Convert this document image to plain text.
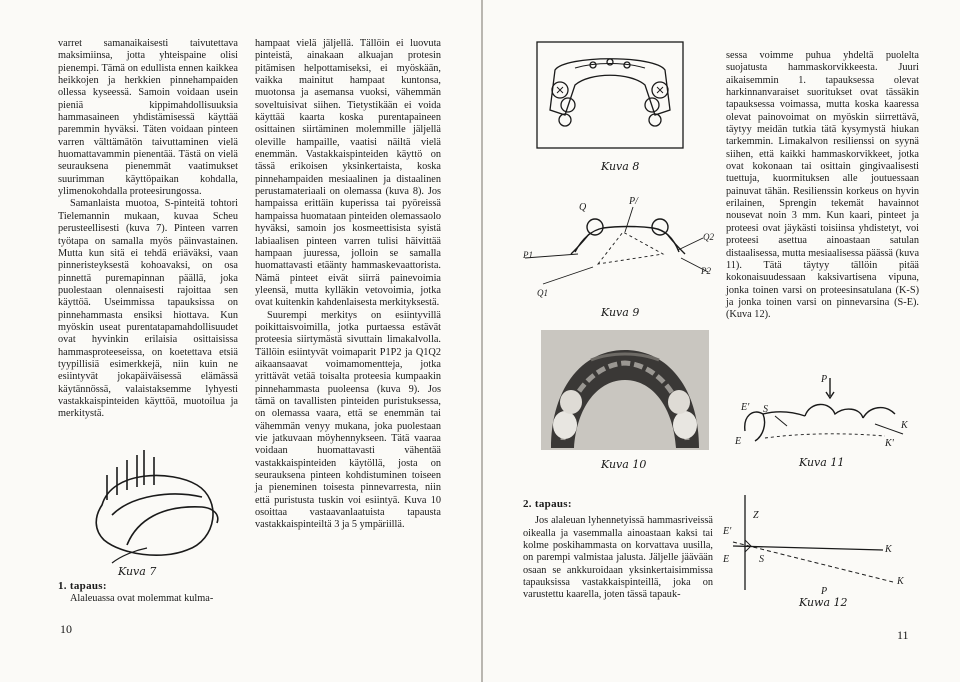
varret samanaikaisesti taivutettava maksimiinsa, jotta yhteispaine olisi pienempi. Tämä on edullista ennen kaikkea heikkojen ja herkkien pinnehampaiden ollessa kyseessä. Samoin voidaan usein pieniä kippimahdollisuuksia hammasaineen yhdistämisessä käyttää paremmin hyväksi. Täten voidaan pinteen varren välttämätön taivuttaminen vielä huomattavammin pienentää. Tästä on vielä seurauksena pienemmät vaatimukset suurimman käyttöpaikan kohdalla, ylimenokohdalla proteesirungossa.

Samanlaista muotoa, S-pinteitä tohtori Tielemannin mukaan, kuvaa Scheu perusteellisesti (kuva 7). Pinteen varren työtapa on samalla myös päinvastainen. Mutta kun sitä ei tehdä eriäväksi, vaan pinneristeyksestä kohoavaksi, on osa pinnettä puremapinnan päällä, joka puolestaan olennaisesti rajoittaa sen käyttöä. Useimmissa tapauksissa on pinnehammasta ensiksi hiottava. Kun myöskin useat purentatapamahdollisuudet ovat hyvinkin erilaisia osittaisissa hammasproteeseissa, on koetettava etsiä tyypillisiä esimerkkejä, niin kuin ne esiintyvät jokapäiväisessä elämässä käytännössä, valaistaksemme lyhyesti vastakkaispinteiden käyttöä, muotoilua ja merkitystä.

Kuva 7
1. tapaus:

Alaleuassa ovat molemmat kulma-

10

hampaat vielä jäljellä. Tällöin ei luovuta pinteistä, ainakaan alkuajan protesin pitämisen helpottamiseksi, ei myöskään, vaikka mainitut hampaat kuntonsa, muotonsa ja asemansa vuoksi, vähemmän soveltuisivat siihen. Tietystikään ei voida käyttää kaarta koska purentapaineen osittainen siirtäminen molemmille jäljellä oleville hampaille, vaatisi näiltä vielä enemmän. Vastakkaispinteiden käyttö on tässä erikoisen yksinkertaista, koska pinnehampaiden mesiaalinen ja distaalinen perustamateriaali on olemassa (kuva 8). Jos hampaissa erittäin kuperissa tai pyöreissä hampaissa huomataan pinteiden olemassaolo hyväksi, samoin jos kosmeettisista syistä labiaalisen pinteen varren tulisi häivittää hampaan juuressa, jolloin se samalla huomattavasti etäänty hammaskevaattorista. Nämä pinteet eivät siirrä painevoimia yleensä, mutta kylläkin vetovoimia, jotka ovat kuitenkin kahdenlaisesta merkityksestä.

Suurempi merkitys on esiintyvillä poikittaisvoimilla, jotka purtaessa estävät proteesia siirtymästä sivuttain limakalvolla. Tällöin esiintyvät voimaparit P1P2 ja Q1Q2 aikaansaavat voimamomentteja, jotka yrittävät vetää toisalta proteesia kumpaakin pinnehammasta puoleensa (kuva 9). Jos tämä on tavallisten pinteiden puristuksessa, on olemassa vaara, että se enemmän tai vähemmän venyy mukana, joka puolestaan vie jatkuvaan möyhennykseen. Tätä vaaraa voidaan huomattavasti vähentää vastakkaispinteiden käytöllä, josta on seurauksena pinteen kohdistuminen toiseen ja pieneminen toisesta pinnevarresta, niin että puristusta tuskin voi esiintyä. Kuva 10 osoittaa vastaavanlaatuista tapausta vastakkaispinteiltä 3 ja 5 ympäriillä.

Kuva 8
Q
P/
Q2
P2
P1
Q1
Kuva 9
Kuva 10
2. tapaus:

Jos alaleuan lyhennetyissä hammasriveissä oikealla ja vasemmalla ainoastaan kaksi tai kolme poskihammasta on korvattava uusilla, on parempi valmistaa jalusta. Jäljelle jäävään osaan se ankkuroidaan yksinkertaisimmissa tapauksissa vastakkaispinteillä, joka on varustettu kaarella, joten tässä tapauk-

sessa voimme puhua yhdeltä puolelta suojatusta hammaskorvikkeesta. Juuri aikaisemmin 1. tapauksessa olevat harkinnanvaraiset suoritukset ovat tässäkin tapauksessa voimassa, mutta koska kaaressa olevat painovoimat on myöskin siirrettävä, täytyy meidän tutkia tätä kysymystä hiukan tarkemmin. Limakalvon resilienssi on syynä siihen, että kaikki hammaskorvikkeet, jotka ovat kokonaan tai osittain gingivaalisesti tuettuja, kuormituksen alle joutuessaan painuvat tähän. Resilienssin korkeus on hyvin erilainen, Sprengin tekemät havainnot nousevat noin 3 mm. Kun kaari, pinteet ja proteesi ovat jäykästi toisiinsa yhdistetyt, voi proteesi asettua ainoastaan satulan distaalisessa, mutta mesiaalisessa päässä (kuva 11). Tätä täytyy tällöin pitää kokonaisuudessaan kaksivartisena vipuna, jonka toinen varsi on proteesinsatulana (K-S) ja jonka toinen varsi on pinnevarsina (S-E). (Kuva 12).

P
E' S
E
K
K'
Kuva 11
Z
E'
E	S
K
K
P
Kuwa 12
11
